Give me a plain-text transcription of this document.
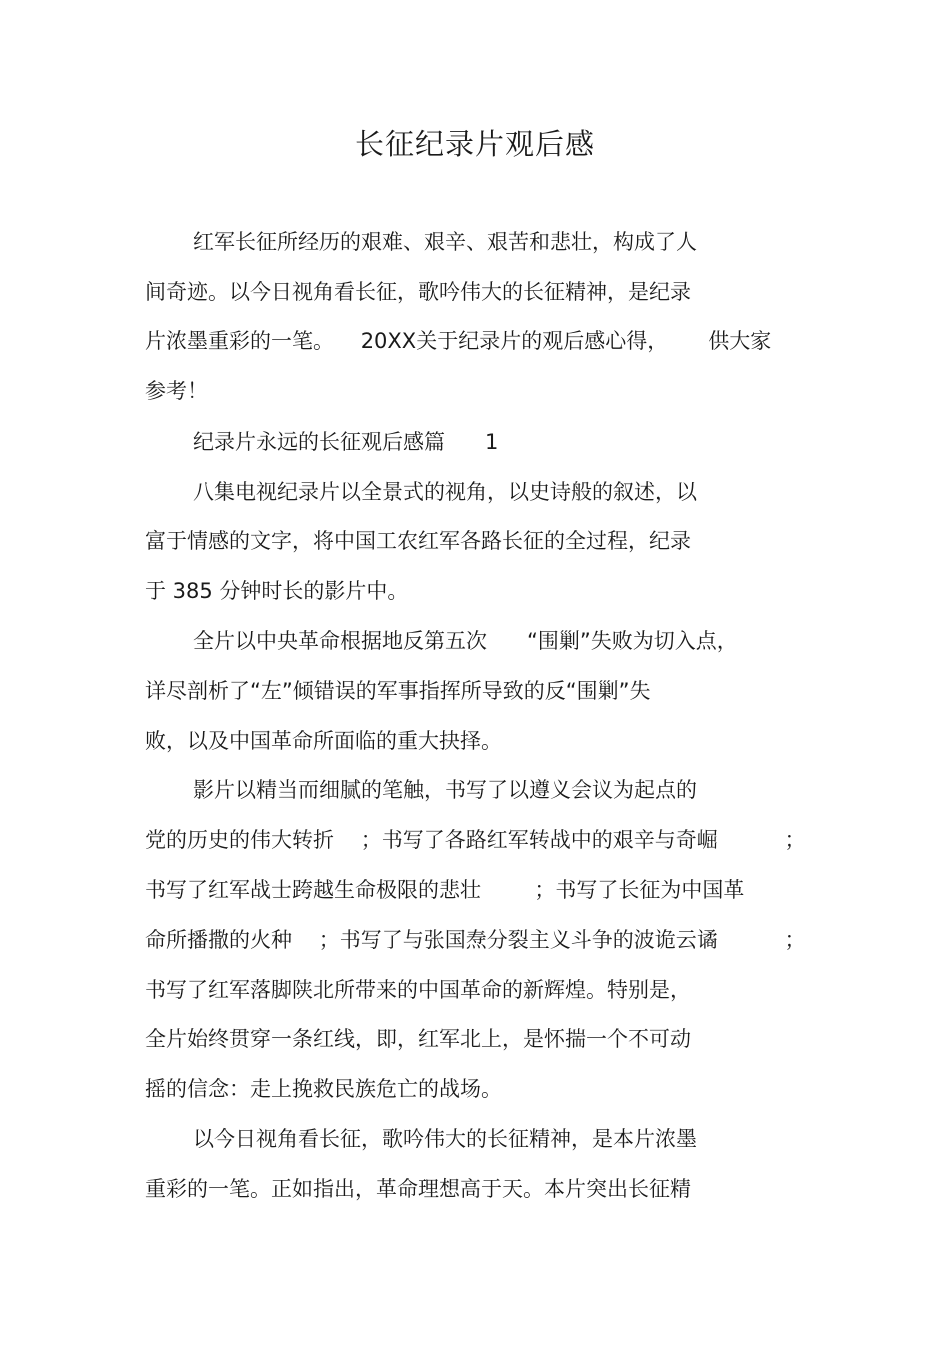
长征纪录片观后感
红军长征所经历的艰难、艰辛、艰苦和悲壮，构成了人
间奇迹。以今日视角看长征，歌吟伟大的长征精神，是纪录
片浓墨重彩的一笔。    20XX关于纪录片的观后感心得，      供大家
参考！
纪录片永远的长征观后感篇      1
八集电视纪录片以全景式的视角，以史诗般的叙述，以
富于情感的文字，将中国工农红军各路长征的全过程，纪录
于 385 分钟时长的影片中。
全片以中央革命根据地反第五次      “围剿”失败为切入点，
详尽剖析了“左”倾错误的军事指挥所导致的反“围剿”失
败，以及中国革命所面临的重大抉择。
影片以精当而细腻的笔触，书写了以遵义会议为起点的
党的历史的伟大转折    ；书写了各路红军转战中的艰辛与奇崛          ；
书写了红军战士跨越生命极限的悲壮        ；书写了长征为中国革
命所播撒的火种    ；书写了与张国焘分裂主义斗争的波诡云谲          ；
书写了红军落脚陕北所带来的中国革命的新辉煌。特别是，
全片始终贯穿一条红线，即，红军北上，是怀揣一个不可动
摇的信念：走上挽救民族危亡的战场。
以今日视角看长征，歌吟伟大的长征精神，是本片浓墨
重彩的一笔。正如指出，革命理想高于天。本片突出长征精
